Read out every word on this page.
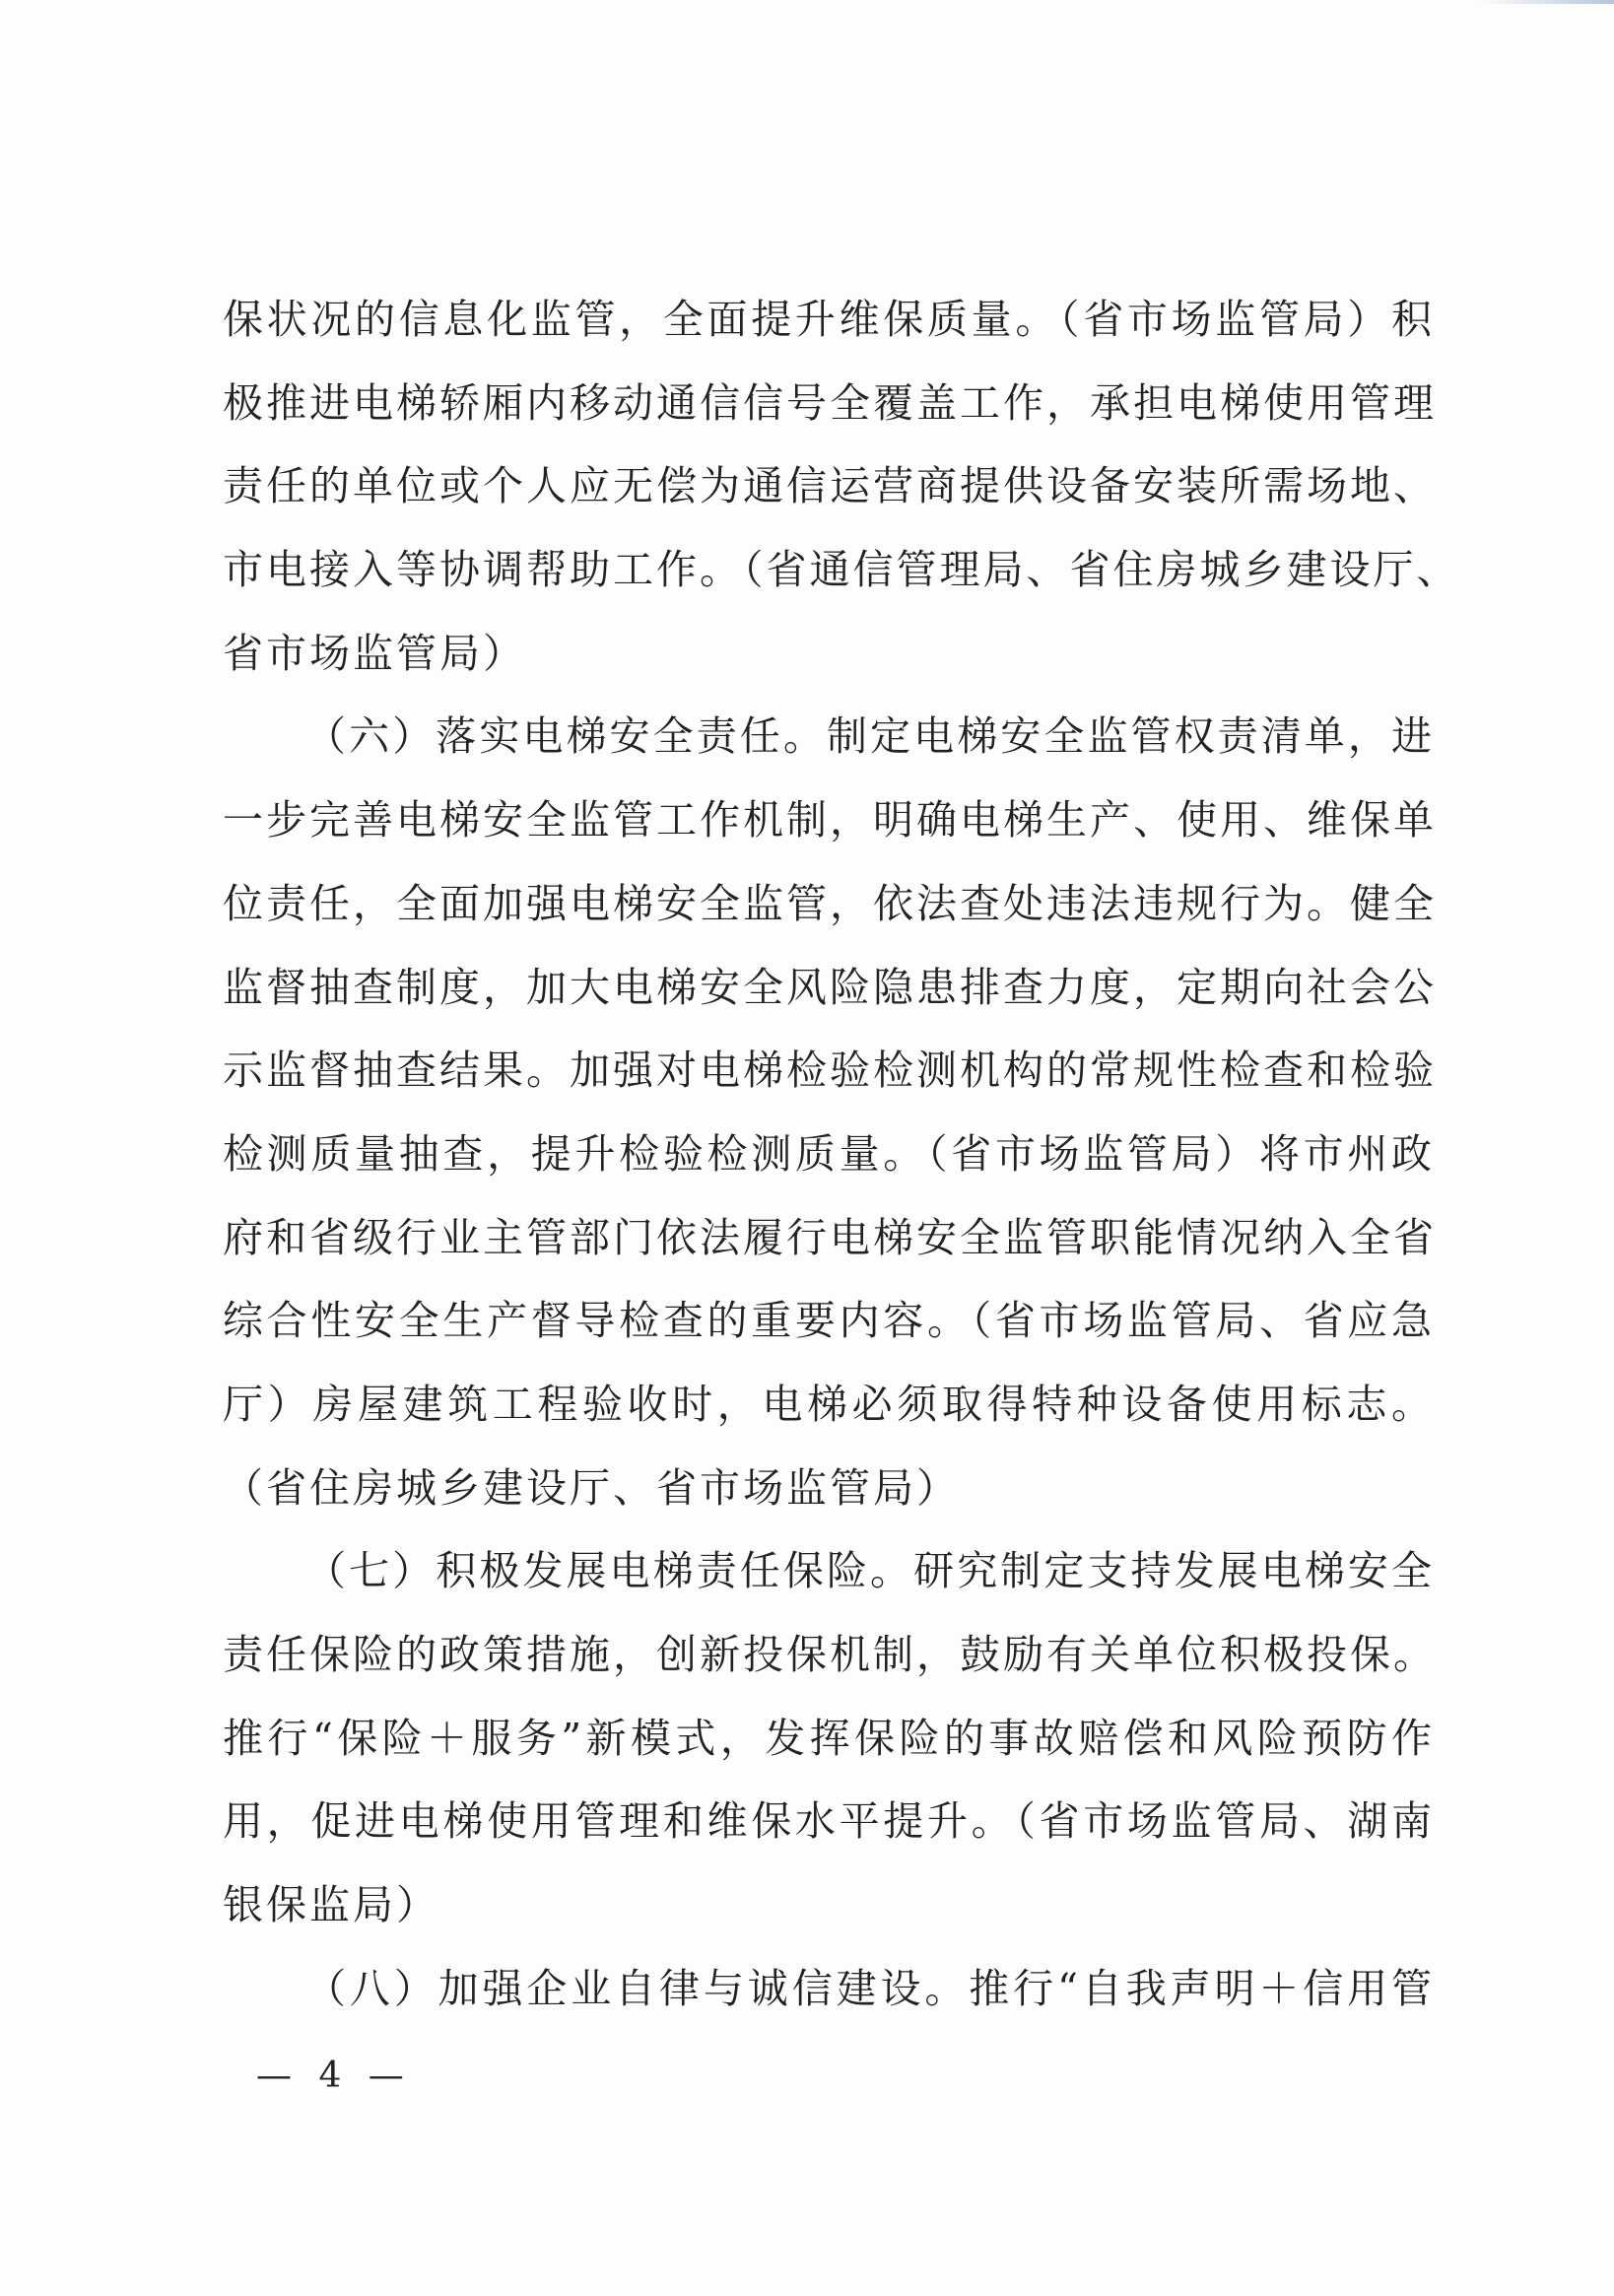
保状况的信息化监管，全面提升维保质量。（省市场监管局）积
极推进电梯轿厢内移动通信信号全覆盖工作，承担电梯使用管理
责任的单位或个人应无偿为通信运营商提供设备安装所需场地、
市电接入等协调帮助工作。（省通信管理局、省住房城乡建设厅、
省市场监管局）
（六）落实电梯安全责任。制定电梯安全监管权责清单，进
一步完善电梯安全监管工作机制，明确电梯生产、使用、维保单
位责任，全面加强电梯安全监管，依法查处违法违规行为。健全
监督抽查制度，加大电梯安全风险隐患排查力度，定期向社会公
示监督抽查结果。加强对电梯检验检测机构的常规性检查和检验
检测质量抽查，提升检验检测质量。（省市场监管局）将市州政
府和省级行业主管部门依法履行电梯安全监管职能情况纳入全省
综合性安全生产督导检查的重要内容。（省市场监管局、省应急
厅）房屋建筑工程验收时，电梯必须取得特种设备使用标志。
（省住房城乡建设厅、省市场监管局）
（七）积极发展电梯责任保险。研究制定支持发展电梯安全
责任保险的政策措施，创新投保机制，鼓励有关单位积极投保。
推行“保险＋服务”新模式，发挥保险的事故赔偿和风险预防作
用，促进电梯使用管理和维保水平提升。（省市场监管局、湖南
银保监局）
（八）加强企业自律与诚信建设。推行“自我声明＋信用管
— 4 —
